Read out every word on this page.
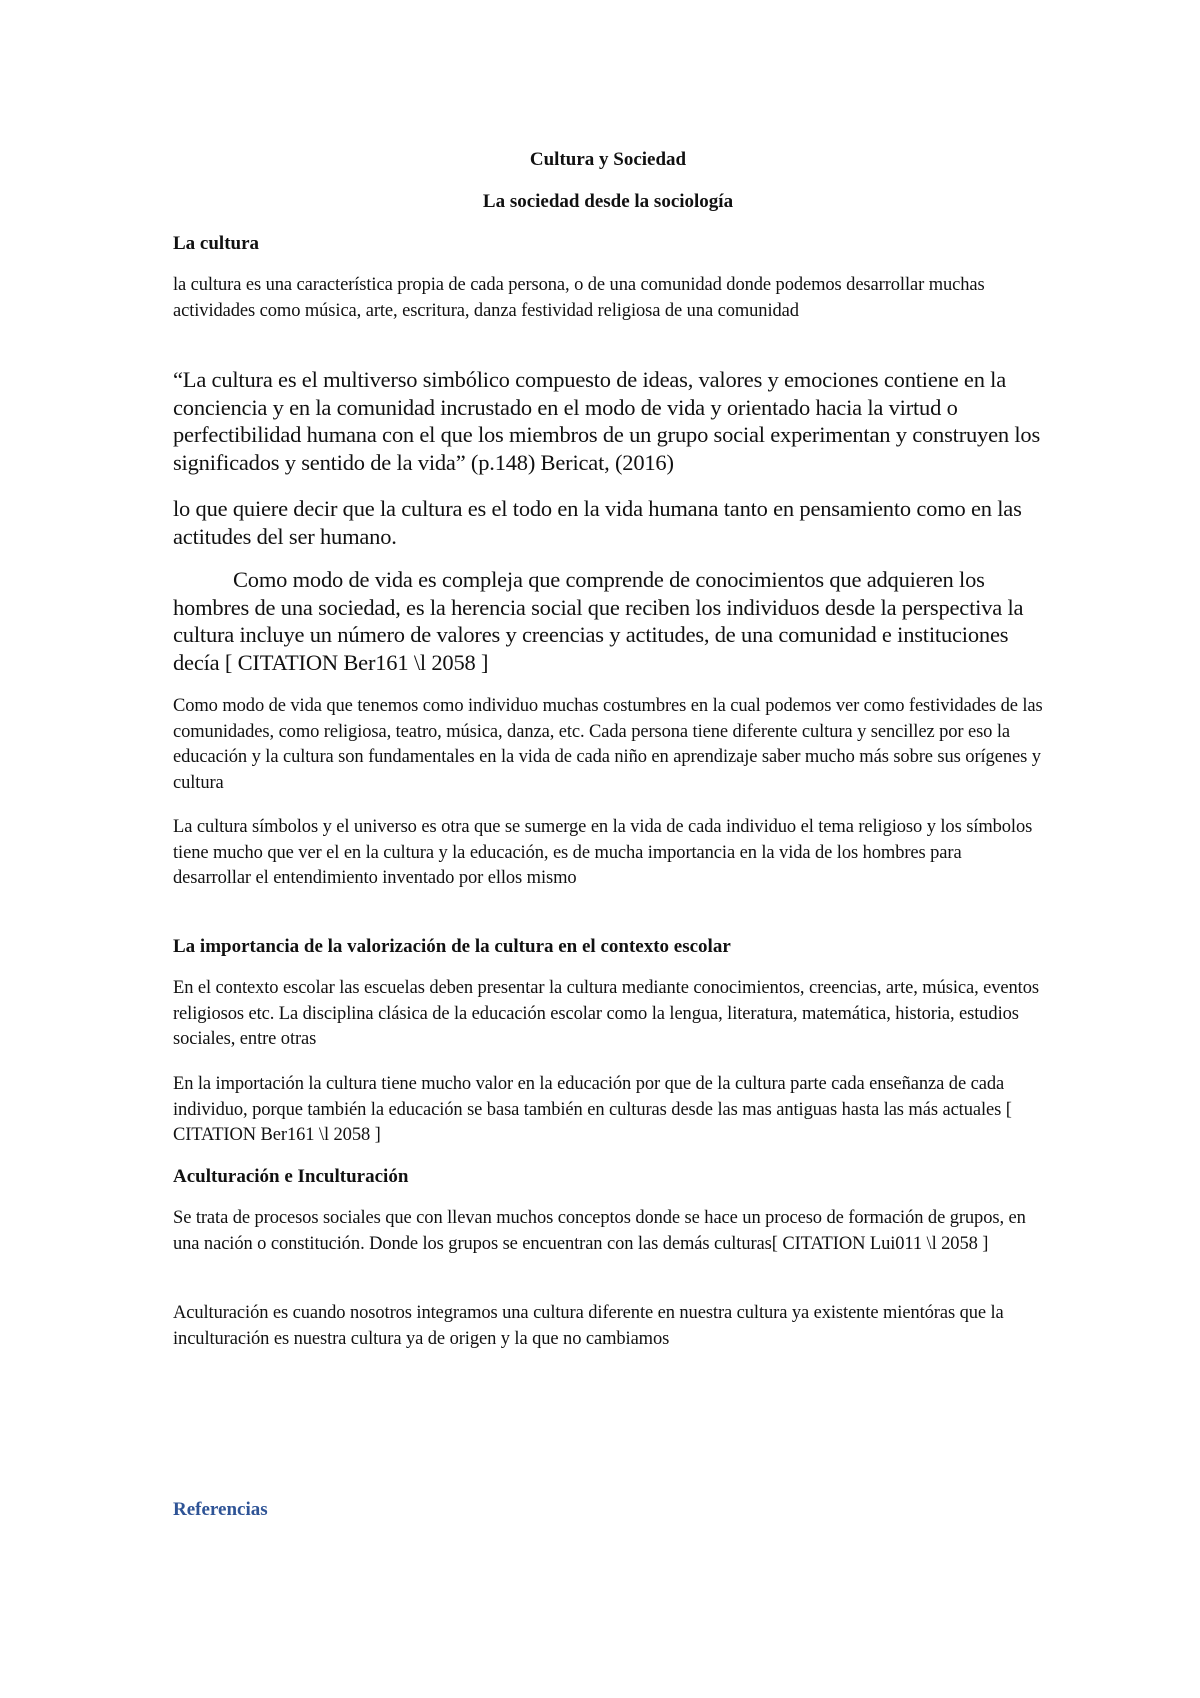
Cultura y Sociedad
La sociedad desde la sociología
La cultura

la cultura es una característica propia de cada persona, o de una comunidad donde podemos desarrollar muchas actividades como música, arte, escritura, danza festividad religiosa de una comunidad

“La cultura es el multiverso simbólico compuesto de ideas, valores y emociones contiene en la conciencia y en la comunidad incrustado en el modo de vida y orientado hacia la virtud o perfectibilidad humana con el que los miembros de un grupo social experimentan y construyen los significados y sentido de la vida” (p.148) Bericat, (2016)

lo que quiere decir que la cultura es el todo en la vida humana tanto en pensamiento como en las actitudes del ser humano.

Como modo de vida es compleja que comprende de conocimientos que adquieren los hombres de una sociedad, es la herencia social que reciben los individuos desde la perspectiva la cultura incluye un número de valores y creencias y actitudes, de una comunidad e instituciones decía [ CITATION Ber161 \l 2058 ]

Como modo de vida que tenemos como individuo muchas costumbres en la cual podemos ver como festividades de las comunidades, como religiosa, teatro, música, danza, etc. Cada persona tiene diferente cultura y sencillez por eso la educación y la cultura son fundamentales en la vida de cada niño en aprendizaje saber mucho más sobre sus orígenes y cultura

La cultura símbolos y el universo es otra que se sumerge en la vida de cada individuo el tema religioso y los símbolos tiene mucho que ver el en la cultura y la educación, es de mucha importancia en la vida de los hombres para desarrollar el entendimiento inventado por ellos mismo

La importancia de la valorización de la cultura en el contexto escolar

En el contexto escolar las escuelas deben presentar la cultura mediante conocimientos, creencias, arte, música, eventos religiosos etc. La disciplina clásica de la educación escolar como la lengua, literatura, matemática, historia, estudios sociales, entre otras

En la importación la cultura tiene mucho valor en la educación por que de la cultura parte cada enseñanza de cada individuo, porque también la educación se basa también en culturas desde las mas antiguas hasta las más actuales [ CITATION Ber161 \l 2058 ]

Aculturación e Inculturación

Se trata de procesos sociales que con llevan muchos conceptos donde se hace un proceso de formación de grupos, en una nación o constitución. Donde los grupos se encuentran con las demás culturas[ CITATION Lui011 \l 2058 ]

Aculturación es cuando nosotros integramos una cultura diferente en nuestra cultura ya existente mientóras que la inculturación es nuestra cultura ya de origen y la que no cambiamos

Referencias
